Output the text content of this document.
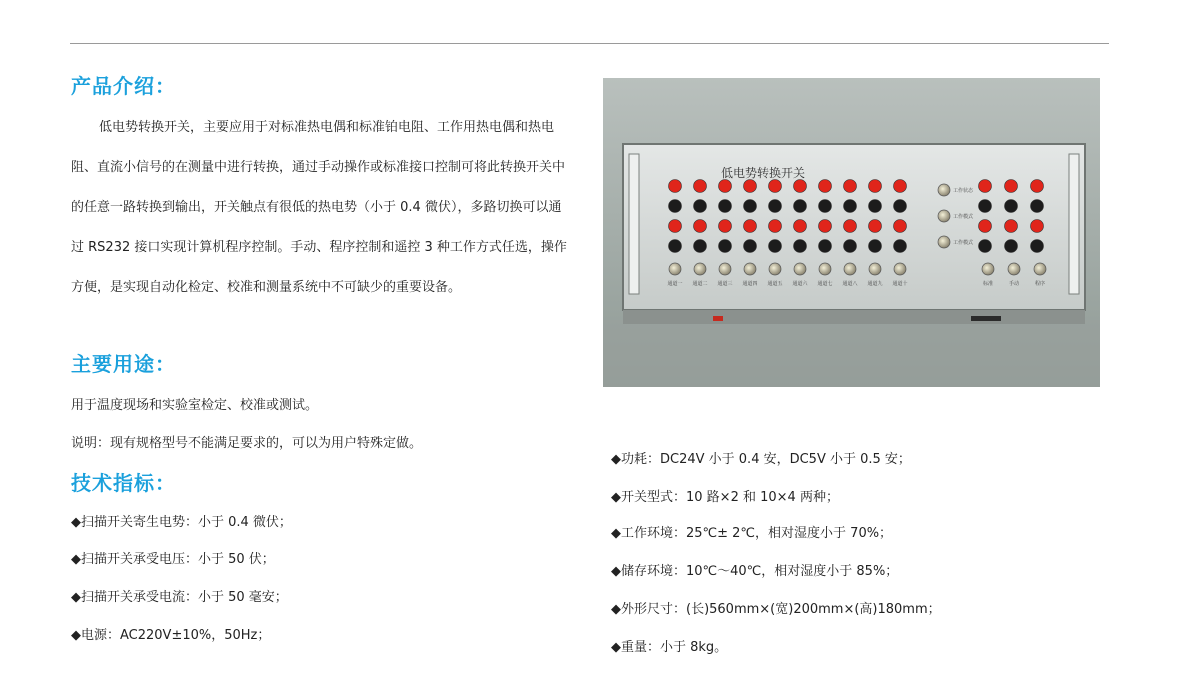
产品介绍：

低电势转换开关，主要应用于对标准热电偶和标准铂电阻、工作用热电偶和热电阻、直流小信号的在测量中进行转换，通过手动操作或标准接口控制可将此转换开关中的任意一路转换到输出，开关触点有很低的热电势（小于 0.4 微伏），多路切换可以通过 RS232 接口实现计算机程序控制。手动、程序控制和遥控 3 种工作方式任选，操作方便，是实现自动化检定、校准和测量系统中不可缺少的重要设备。

主要用途：
用于温度现场和实验室检定、校准或测试。
说明：现有规格型号不能满足要求的，可以为用户特殊定做。
技术指标：
◆扫描开关寄生电势：小于 0.4 微伏；
◆扫描开关承受电压：小于 50 伏；
◆扫描开关承受电流：小于 50 毫安；
◆电源：AC220V±10%，50Hz；
◆功耗：DC24V 小于 0.4 安，DC5V 小于 0.5 安；
◆开关型式：10 路×2 和 10×4 两种；
◆工作环境：25℃± 2℃，相对湿度小于 70%；
◆储存环境：10℃～40℃，相对湿度小于 85%；
◆外形尺寸：(长)560mm×(宽)200mm×(高)180mm；
◆重量：小于 8kg。
低电势转换开关
通道一 通道二 通道三 通道四 通道五 通道六 通道七 通道八 通道九 通道十	标准	手动	程序
工作状态
工作模式
工作模式
